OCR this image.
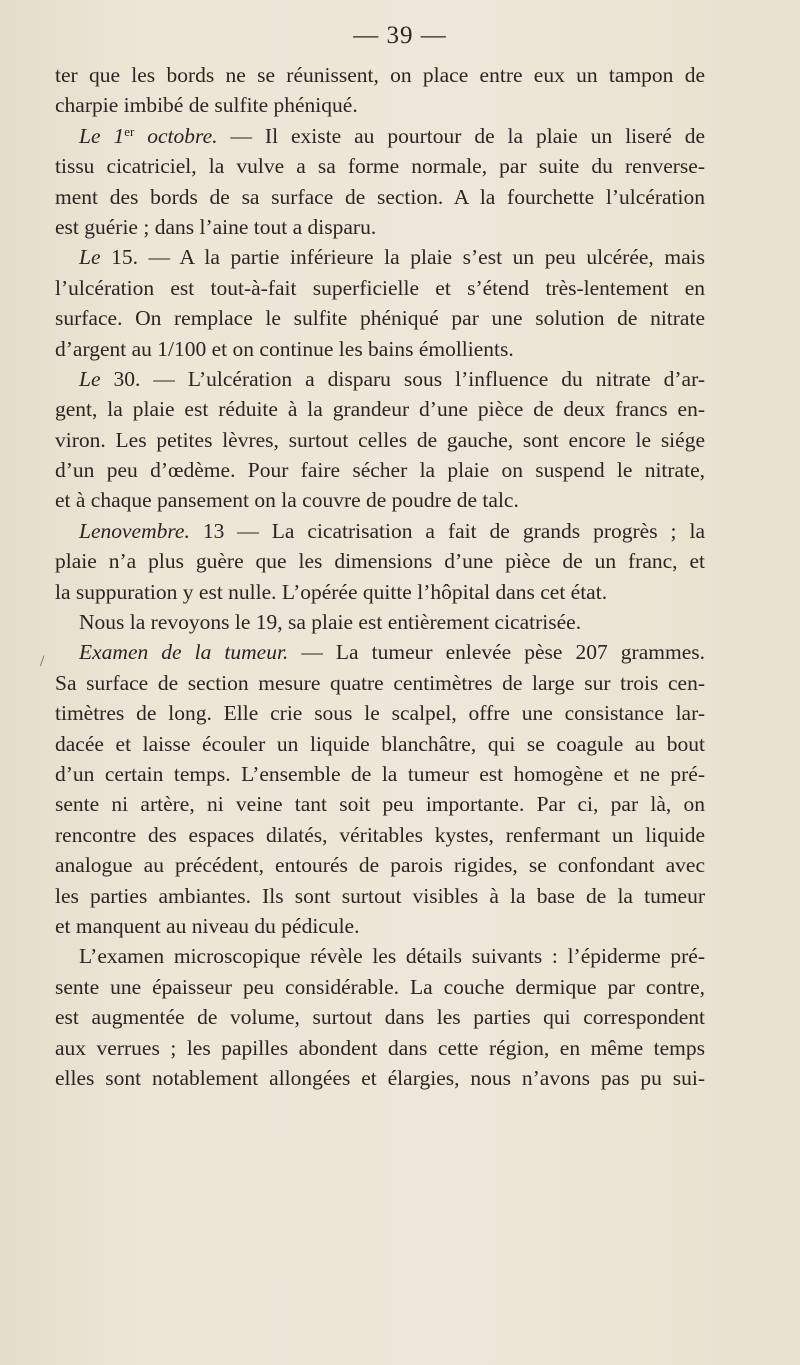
— 39 —
/
ter que les bords ne se réunissent, on place entre eux un tampon de
charpie imbibé de sulfite phéniqué.
Le 1er octobre. — Il existe au pourtour de la plaie un liseré de
tissu cicatriciel, la vulve a sa forme normale, par suite du renverse-
ment des bords de sa surface de section. A la fourchette l’ulcération
est guérie ; dans l’aine tout a disparu.
Le 15. — A la partie inférieure la plaie s’est un peu ulcérée, mais
l’ulcération est tout-à-fait superficielle et s’étend très-lentement en
surface. On remplace le sulfite phéniqué par une solution de nitrate
d’argent au 1/100 et on continue les bains émollients.
Le 30. — L’ulcération a disparu sous l’influence du nitrate d’ar-
gent, la plaie est réduite à la grandeur d’une pièce de deux francs en-
viron. Les petites lèvres, surtout celles de gauche, sont encore le siége
d’un peu d’œdème. Pour faire sécher la plaie on suspend le nitrate,
et à chaque pansement on la couvre de poudre de talc.
Lenovembre. 13 — La cicatrisation a fait de grands progrès ; la
plaie n’a plus guère que les dimensions d’une pièce de un franc, et
la suppuration y est nulle. L’opérée quitte l’hôpital dans cet état.
Nous la revoyons le 19, sa plaie est entièrement cicatrisée.
Examen de la tumeur. — La tumeur enlevée pèse 207 grammes.
Sa surface de section mesure quatre centimètres de large sur trois cen-
timètres de long. Elle crie sous le scalpel, offre une consistance lar-
dacée et laisse écouler un liquide blanchâtre, qui se coagule au bout
d’un certain temps. L’ensemble de la tumeur est homogène et ne pré-
sente ni artère, ni veine tant soit peu importante. Par ci, par là, on
rencontre des espaces dilatés, véritables kystes, renfermant un liquide
analogue au précédent, entourés de parois rigides, se confondant avec
les parties ambiantes. Ils sont surtout visibles à la base de la tumeur
et manquent au niveau du pédicule.
L’examen microscopique révèle les détails suivants : l’épiderme pré-
sente une épaisseur peu considérable. La couche dermique par contre,
est augmentée de volume, surtout dans les parties qui correspondent
aux verrues ; les papilles abondent dans cette région, en même temps
elles sont notablement allongées et élargies, nous n’avons pas pu sui-
